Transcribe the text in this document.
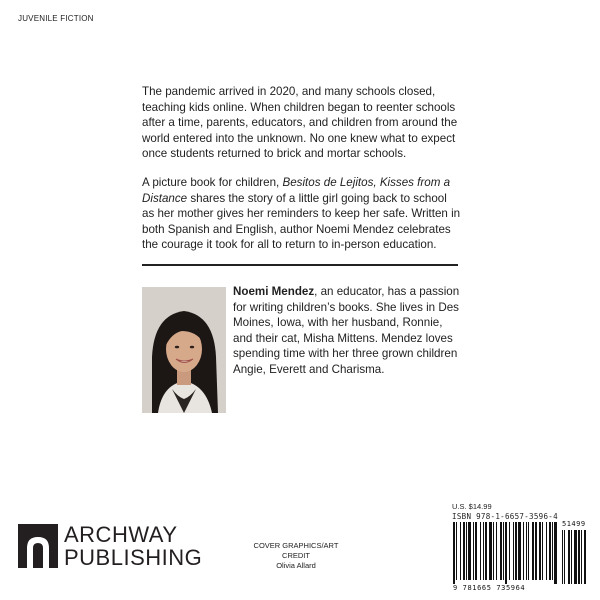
JUVENILE FICTION

The pandemic arrived in 2020, and many schools closed, teaching kids online. When children began to reenter schools after a time, parents, educators, and children from around the world entered into the unknown. No one knew what to expect once students returned to brick and mortar schools.

A picture book for children, Besitos de Lejitos, Kisses from a Distance shares the story of a little girl going back to school as her mother gives her reminders to keep her safe. Written in both Spanish and English, author Noemi Mendez celebrates the courage it took for all to return to in-person education.

Noemi Mendez, an educator, has a passion for writing children’s books. She lives in Des Moines, Iowa, with her husband, Ronnie, and their cat, Misha Mittens. Mendez loves spending time with her three grown children Angie, Everett and Charisma.
ARCHWAY
PUBLISHING	COVER GRAPHICS/ART CREDIT
Olivia Allard
U.S. $14.99
ISBN 978-1-6657-3596-4
51499
9 781665 735964
